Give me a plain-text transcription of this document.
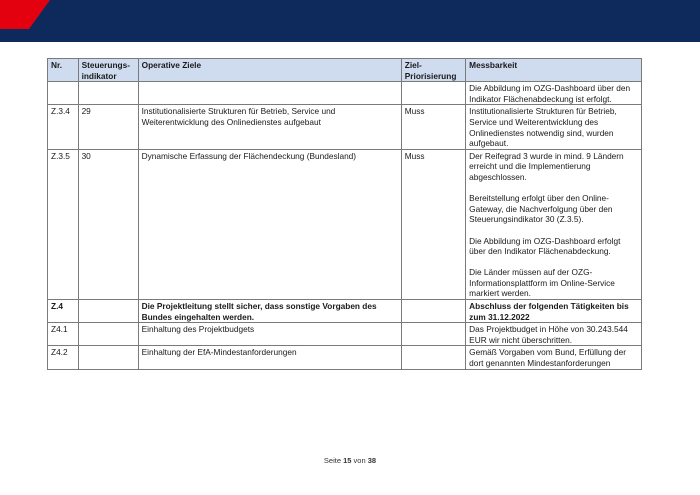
Nr.	Steuerungs-indikator	Operative Ziele	Ziel-Priorisierung	Messbarkeit
				Die Abbildung im OZG-Dashboard über den Indikator Flächenabdeckung ist erfolgt.
Z.3.4	29	Institutionalisierte Strukturen für Betrieb, Service und Weiterentwicklung des Onlinedienstes aufgebaut	Muss	Institutionalisierte Strukturen für Betrieb, Service und Weiterentwicklung des Onlinedienstes notwendig sind, wurden aufgebaut.

Z.3.5	30	Dynamische Erfassung der Flächendeckung (Bundesland)	Muss	Der Reifegrad 3 wurde in mind. 9 Ländern erreicht und die Implementierung abgeschlossen.

Bereitstellung erfolgt über den Online-Gateway, die Nachverfolgung über den Steuerungsindikator 30 (Z.3.5).

Die Abbildung im OZG-Dashboard erfolgt über den Indikator Flächenabdeckung.

Die Länder müssen auf der OZG-Informationsplattform im Online-Service markiert werden.

Z.4		Die Projektleitung stellt sicher, dass sonstige Vorgaben des Bundes eingehalten werden.		Abschluss der folgenden Tätigkeiten bis zum 31.12.2022

Z4.1		Einhaltung des Projektbudgets		Das Projektbudget in Höhe von 30.243.544 EUR wir nicht überschritten.

Z4.2		Einhaltung der EfA-Mindestanforderungen		Gemäß Vorgaben vom Bund, Erfüllung der dort genannten Mindestanforderungen

Seite 15 von 38
